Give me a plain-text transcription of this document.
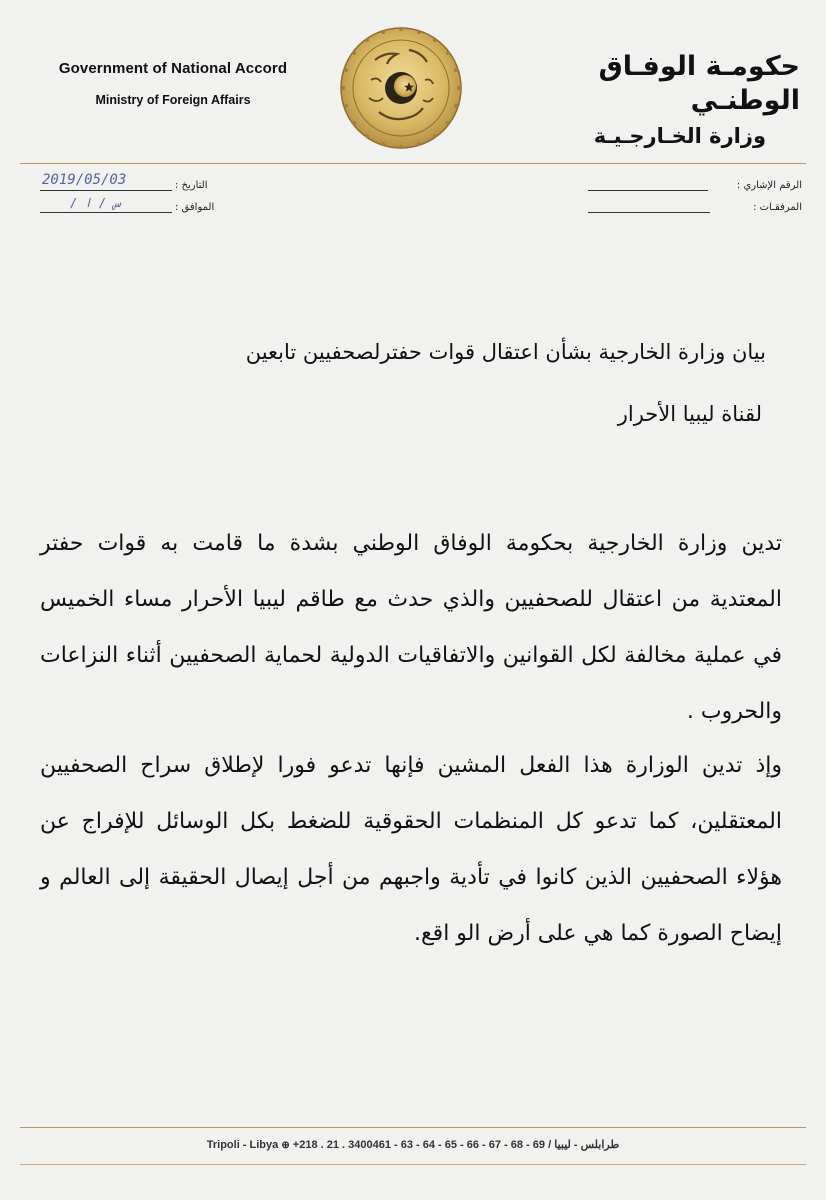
Government of National Accord
Ministry of Foreign Affairs
حكومـة الوفـاق الوطنـي
وزارة الخـارجـيـة
الرقم الإشاري :
المرفقـات :
التاريخ :
2019/05/03
الموافق :
/ س / ا
بيان وزارة الخارجية بشأن اعتقال قوات حفترلصحفيين تابعين
لقناة ليبيا الأحرار
تدين وزارة الخارجية بحكومة الوفاق الوطني بشدة ما قامت به قوات حفتر المعتدية من اعتقال للصحفيين والذي حدث مع طاقم ليبيا الأحرار مساء الخميس في عملية مخالفة لكل القوانين والاتفاقيات الدولية لحماية الصحفيين أثناء النزاعات والحروب .
وإذ تدين الوزارة هذا الفعل المشين فإنها تدعو فورا لإطلاق سراح الصحفيين المعتقلين، كما تدعو كل المنظمات الحقوقية للضغط بكل الوسائل للإفراج عن هؤلاء الصحفيين الذين كانوا في تأدية واجبهم من أجل إيصال الحقيقة إلى العالم و إيضاح الصورة كما هي على أرض الو اقع.
Tripoli - Libya ⊕ +218 . 21 . 3400461 - 63 - 64 - 65 - 66 - 67 - 68 - 69 / طرابلس - ليبيا
